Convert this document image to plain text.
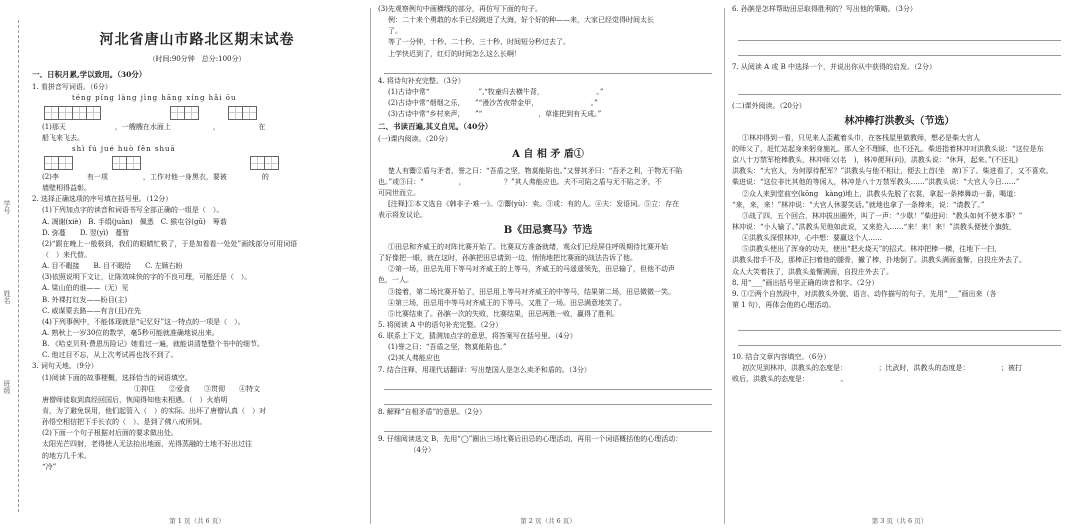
学号
姓名
班级
河北省唐山市路北区期末试卷
（时间:90分钟　总分:100分）
一、日积月累,学以致用。（30分）
1. 看拼音写词语。（6分）
téng píng làng jìng hāng xíng hǎi ōu
(1)那天　　　　　　　，一艘艘在水面上　　　　　　，　　　　　　在
船飞来飞去。
shì fú jué huò fěn shuā
(2)李　　　　有一项　　　　　，工作对他一身黑衣，要被　　　　　的
墙壁相得益彰。
2. 选择正确选项的序号填在括号里。（12分）
(1)下列加点字的读音和词语书写全部正确的一组是（　）。
A. 凋谢(xiè)　B. 手绢(juàn)　佩悉　C. 猴屯谷(gǔ)　筹谐
D. 弥蔓　　D. 翌(yì)　蔓暂
(2)“跟在晚上一般极到，我们的眼睛忙极了，于是加看看一处处”画线部分可用词语
（　）来代替。
A. 目不暇接　　B. 目不暇给　　C. 左顾右盼
(3)依照说明下文让，让陈效味快的字的不良可理，可能还是（　）。
A. 梁山伯的谁——（无）见
B. 外裸打红发——盼目(主)
C. 威谋蒙去路——有言(且)在先
(4)下列事例中，不能体现就是“记忆好”这一特点的一项是（　）。
A. 熟秋上一岁30位的数学，毫5秒可能就准确地说出来。
B. 《哈克贝利·费恩历险记》她看过一遍，就能讲清楚整个书中的细节。
C. 他过目不忘，从上次考试再也找不到了。
3. 词句天地。（9分）
(1)阅读下面的故事梗概，选择恰当的词语填空。
①抑住　　②爱食　　③贯彻　　④特文
唐僧师徒取到真经回国后，恢闻得知他未相遇。（　）火焰明
肯，为了避免误用，他们起管入（　）的实际。出坏了唐僧认真（　）对
孙悟空相信把下手长衣的（　）、是到了佛八戒所饲。
(2)下面一个句子根据对后面的要求做出处。
太阳光芒四射，老得使人无法抬出地面，光得蒸融的土地不好出过往
的地方几千米。
“冷”
第 1 页（共 6 页）
(3)先观察例句中画横线的部分，再仿写下面的句子。
例：二十来个勇敢的水手已经跳进了大海，好个好的种——来，大家已经觉得时间太长
了。
等了一分钟，十秒、二十秒、三十秒、时间短分秒过去了。
上学快迟到了，红灯的时间怎么这么长啊！
4. 将诗句补充完整。（3分）
(1)古诗中常“　　　　　　　”,“牧童归去横牛背，　　　　　　　　。”
(2)古诗中常“烟烟之乐，　　”“漫沙苦夜带金甲，　　　　　　　　。”
(3)古诗中常“乡村来声，　　”“　　　　　　　　，草谁把到有天成。”
二、书读百遍,其义自见。（40分）
(一)课内阅读。（20分）
A 自 相 矛 盾①
楚人有鬻②盾与矛者，誉之曰：“吾盾之坚，物莫能陷也。”又誉其矛曰：“吾矛之利，于物无不陷
也。”或③曰：“　　　　　，　　　　　　？”其人弗能应也。夫不可陷之盾与无不陷之矛，不
可同世而立。
[注释]①本文选自《韩非子·难一》。②鬻(yù)：卖。③或：有的人。④夫：发语词。⑤立：存在
表示将发议论。
B《田忌赛马》节选
①田忌和齐威王的对阵比赛开始了。比赛双方准备就绪，观众们已经屏住呼吸期待比赛开始
了好像把一眼，就在这时，孙膑把田忌请到一边，悄悄地把比赛面的战法告诉了他。
②第一场，田忌先用下等马对齐威王的上等马，齐威王的马遥遥领先，田忌输了，但他不动声
色，一人。
③接着，第二场比赛开始了，田忌用上等马对齐威王的中等马，结果第二场，田忌微微一笑。
④第三场，田忌用中等马对齐威王的下等马，又胜了一场。田忌满意地笑了。
⑤比赛结束了。孙膑一次的失败，比赛结果，田忌两胜一败，赢得了胜利。
5. 将阅读 A 中的语句补充完整。（2分）
6. 联系上下文，猜测加点字的意思，将答案写在括号里。（4分）
(1)誉之曰：“吾盾之坚，物莫能陷也。”
(2)其人弗能应也
7. 结合注释，用现代话翻译：写出楚国人是怎么卖矛和盾的。（3分）
8. 解释“自相矛盾”的意思。（2分）
9. 仔细阅读选文 B，先用“◯”圈出三场比赛后田忌的心理活动，再用一个词语概括他的心理活动：
　　　　　（4分）
第 2 页（共 6 页）
6. 孙膑是怎样帮助田忌取得胜利的？写出他的策略。（3分）
7. 从阅读 A 或 B 中选择一个，并说出你从中获得的启发。（2分）
(二)课外阅读。（20分）
林冲棒打洪教头（节选）
①林冲得到一看，只见来人歪戴着头巾，在客栈屋里做教师，想必是柴大官人
的师父了，赶忙站起身来躬身施礼。那人全不理睬，也不还礼。柴进指着林冲对洪教头说：“这位是东
京八十万禁军枪棒教头，林冲师父(名　)，林冲便拜(问)，洪教头说：“休拜，起来。”(不还礼)
洪教头：“大官人，为何厚待配军？”洪教头与他不相让，便去上首(坐　席)下了。柴进看了，又不喜欢。
柴进说：“这位非比其他的等闲人，林冲是八十万禁军教头……”洪教头说：“大官人今日……”
②众人来到堂前空(kōng　kàng)地上，洪教头先脱了衣裳，拿起一条棒舞动一番，喝道：
“来，来，来！”林冲说：“大官人休要笑话。”就地也拿了一条棒来，说：“请教了。”
③战了四，五个回合，林冲拔出圈外，叫了一声：“少歇！”柴进问：“教头如何不使本事？”
林冲说：“小人输了。”洪教头见他如此说，又来抢入……“来！来！来！”洪教头便使个旗鼓，
④洪教头深恨林冲，心中想：要赢这个人……
⑤洪教头使出了浑身的功夫，使出“把火烧天”的招式。林冲把棒一横，往地下一扫，
洪教头措手不及，那棒正扫着他的腿骨，撇了棒，扑地倒了。洪教头满面羞惭，自投庄外去了。
众人大笑着扶了，洪教头羞惭满面，自投庄外去了。
8. 用“___”画出括号里正确的读音和字。（2分）
9. ①②两个自然段中，对洪教头外貌、语言、动作描写的句子，先用“___”画出来（各
第 1 句），再体会他的心理活动。
10. 结合文章内容填空。（6分）
初次见到林冲，洪教头的态度是：　　　　　；比武时，洪教头的态度是：　　　　　；被打
败后，洪教头的态度是：　　　　　。
第 3 页（共 6 页）
